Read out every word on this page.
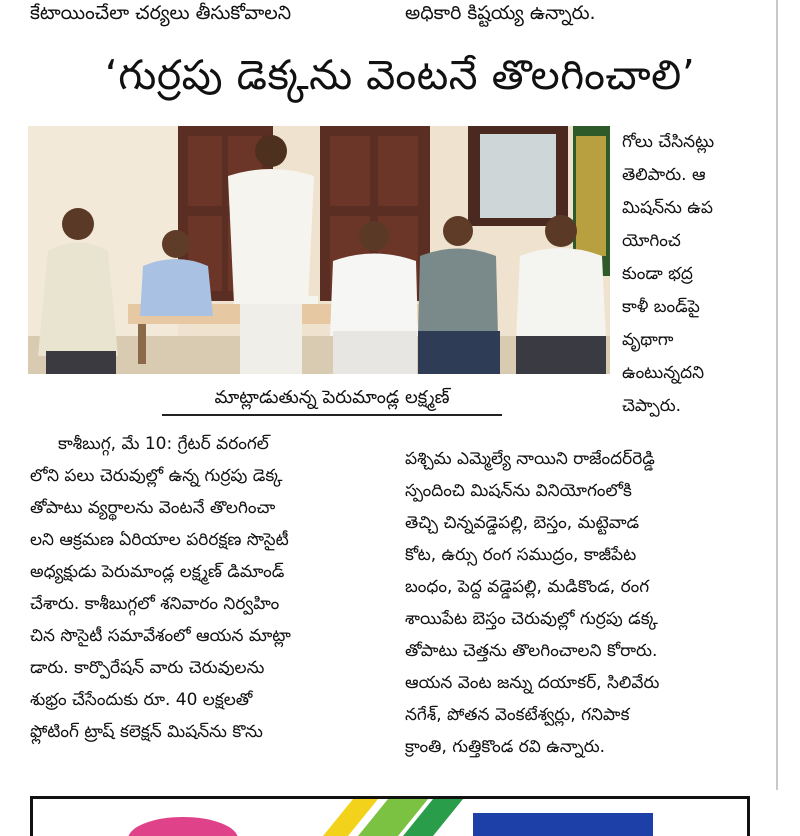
కేటాయించేలా చర్యలు తీసుకోవాలని	అధికారి కిష్టయ్య ఉన్నారు.
‘గుర్రపు డెక్కను వెంటనే తొలగించాలి’
మాట్లాడుతున్న పెరుమాండ్ల లక్ష్మణ్
గోలు చేసినట్లు
తెలిపారు. ఆ
మిషన్‌ను ఉప
యోగించ
కుండా భద్ర
కాళీ బండ్‌పై
వృథాగా
ఉంటున్నదని
చెప్పారు.
కాశీబుగ్గ, మే 10: గ్రేటర్ వరంగల్
లోని పలు చెరువుల్లో ఉన్న గుర్రపు డెక్క
తోపాటు వ్యర్థాలను వెంటనే తొలగించా
లని ఆక్రమణ ఏరియాల పరిరక్షణ సొసైటీ
అధ్యక్షుడు పెరుమాండ్ల లక్ష్మణ్ డిమాండ్
చేశారు. కాశీబుగ్గలో శనివారం నిర్వహిం
చిన సొసైటీ సమావేశంలో ఆయన మాట్లా
డారు. కార్పొరేషన్ వారు చెరువులను
శుభ్రం చేసేందుకు రూ. 40 లక్షలతో
ఫ్లోటింగ్ ట్రాష్ కలెక్షన్ మిషన్‌ను కొను
పశ్చిమ ఎమ్మెల్యే నాయిని రాజేందర్‌రెడ్డి
స్పందించి మిషన్‌ను వినియోగంలోకి
తెచ్చి చిన్నవడ్డెపల్లి, బెస్తం, మట్టెవాడ
కోట, ఉర్సు రంగ సముద్రం, కాజీపేట
బంధం, పెద్ద వడ్డెపల్లి, మడికొండ, రంగ
శాయిపేట బెస్తం చెరువుల్లో గుర్రపు డక్క
తోపాటు చెత్తను తొలగించాలని కోరారు.
ఆయన వెంట జన్ను దయాకర్, సిలివేరు
నగేశ్, పోతన వెంకటేశ్వర్లు, గనిపాక
క్రాంతి, గుత్తికొండ రవి ఉన్నారు.
